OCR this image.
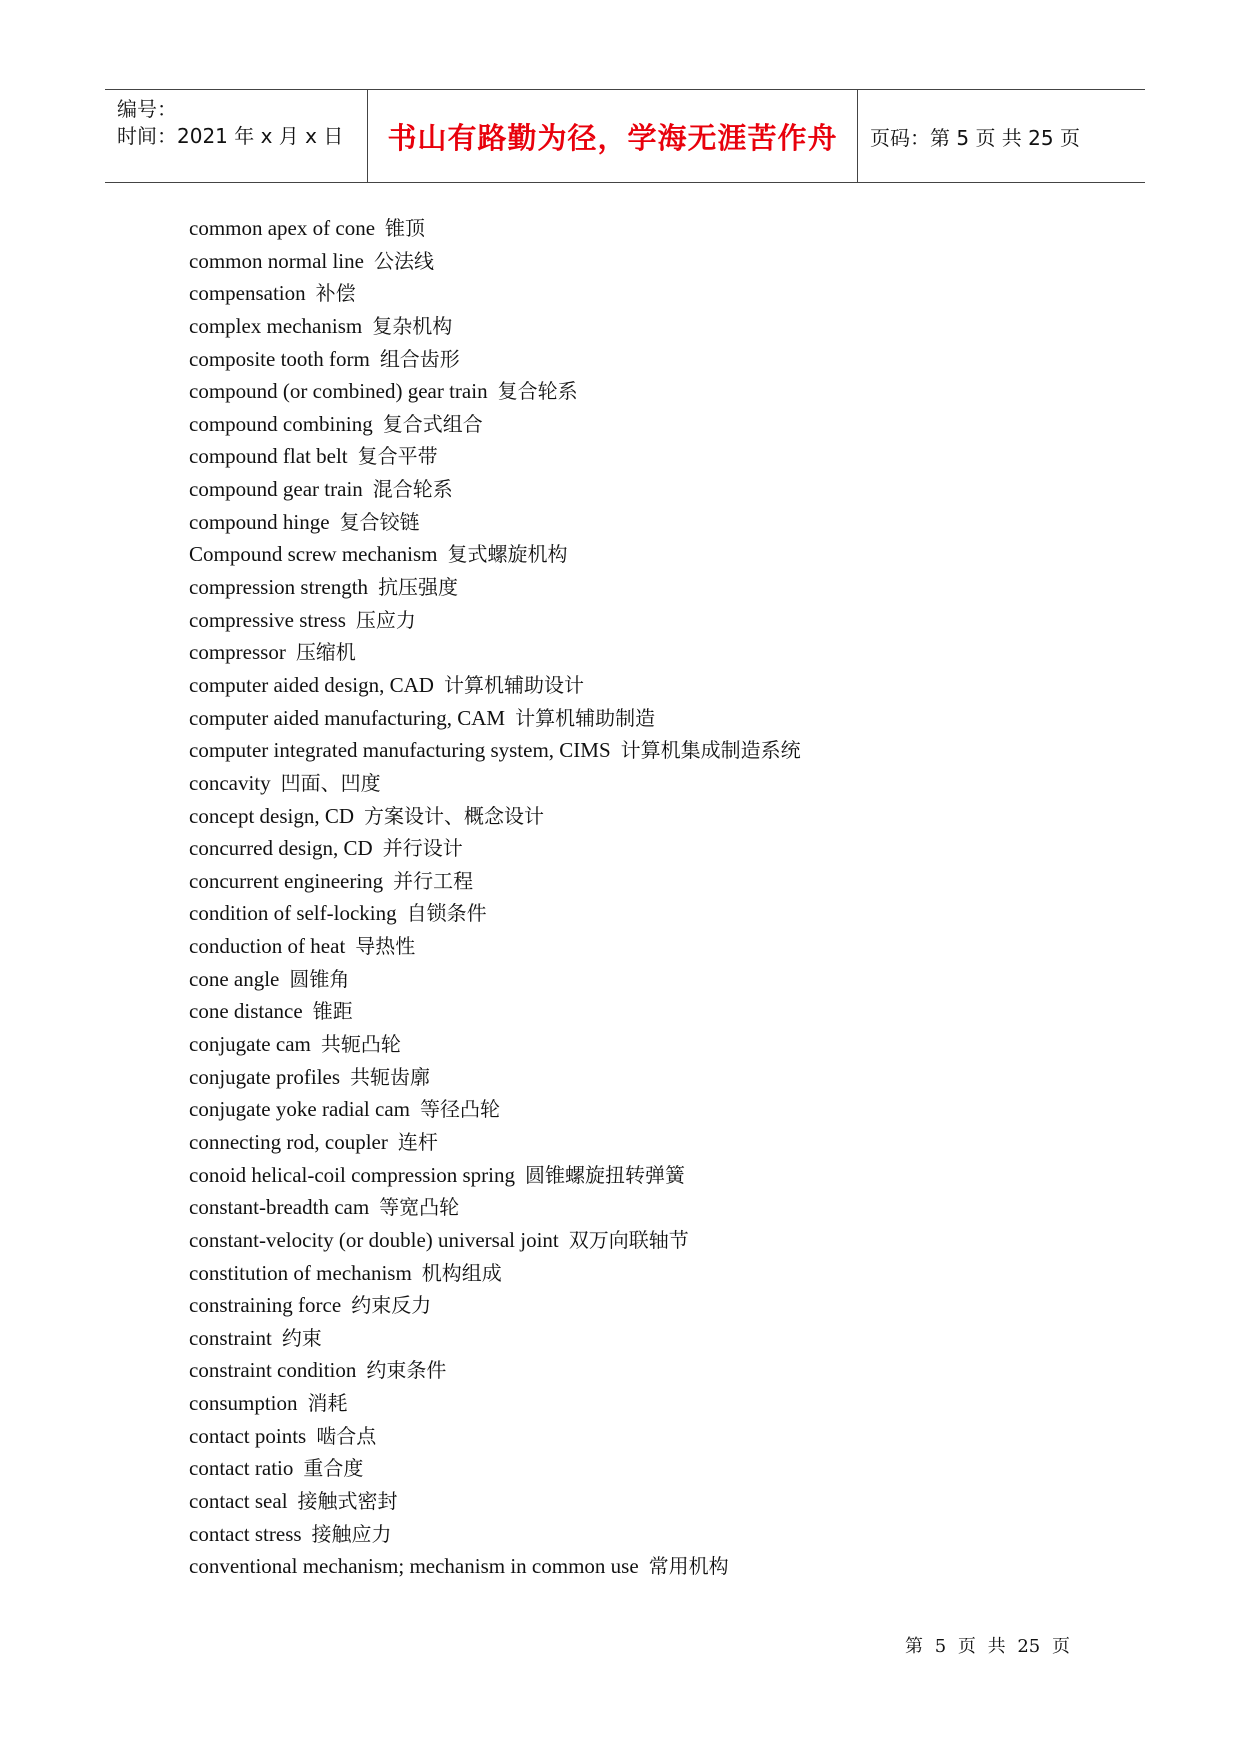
编号：
时间：2021 年 x 月 x 日 书山有路勤为径，学海无涯苦作舟 页码：第 5 页 共 25 页
common apex of cone 锥顶
common normal line 公法线
compensation 补偿
complex mechanism 复杂机构
composite tooth form 组合齿形
compound (or combined) gear train 复合轮系
compound combining 复合式组合
compound flat belt 复合平带
compound gear train 混合轮系
compound hinge 复合铰链
Compound screw mechanism 复式螺旋机构
compression strength 抗压强度
compressive stress 压应力
compressor 压缩机
computer aided design, CAD 计算机辅助设计
computer aided manufacturing, CAM 计算机辅助制造
computer integrated manufacturing system, CIMS 计算机集成制造系统
concavity 凹面、凹度
concept design, CD 方案设计、概念设计
concurred design, CD 并行设计
concurrent engineering 并行工程
condition of self-locking 自锁条件
conduction of heat 导热性
cone angle 圆锥角
cone distance 锥距
conjugate cam 共轭凸轮
conjugate profiles 共轭齿廓
conjugate yoke radial cam 等径凸轮
connecting rod, coupler 连杆
conoid helical-coil compression spring 圆锥螺旋扭转弹簧
constant-breadth cam 等宽凸轮
constant-velocity (or double) universal joint 双万向联轴节
constitution of mechanism 机构组成
constraining force 约束反力
constraint 约束
constraint condition 约束条件
consumption 消耗
contact points 啮合点
contact ratio 重合度
contact seal 接触式密封
contact stress 接触应力
conventional mechanism; mechanism in common use 常用机构
第 5 页 共 25 页
